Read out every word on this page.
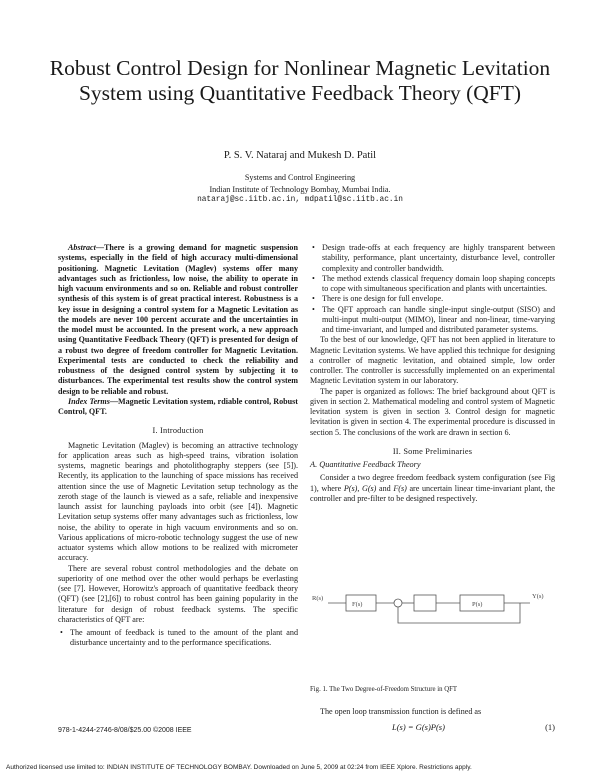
Robust Control Design for Nonlinear Magnetic Levitation System using Quantitative Feedback Theory (QFT)
P. S. V. Nataraj and Mukesh D. Patil
Systems and Control Engineering
Indian Institute of Technology Bombay, Mumbai India.
nataraj@sc.iitb.ac.in, mdpatil@sc.iitb.ac.in

Abstract—There is a growing demand for magnetic suspension systems, especially in the field of high accuracy multi-dimensional positioning. Magnetic Levitation (Maglev) systems offer many advantages such as frictionless, low noise, the ability to operate in high vacuum environments and so on. Reliable and robust controller synthesis of this system is of great practical interest. Robustness is a key issue in designing a control system for a Magnetic Levitation as the models are never 100 percent accurate and the uncertainties in the model must be accounted. In the present work, a new approach using Quantitative Feedback Theory (QFT) is presented for design of a robust two degree of freedom controller for Magnetic Levitation. Experimental tests are conducted to check the reliability and robustness of the designed control system by subjecting it to disturbances. The experimental test results show the control system design to be reliable and robust.

Index Terms—Magnetic Levitation system, rdiable control, Robust Control, QFT.

I. Introduction

Magnetic Levitation (Maglev) is becoming an attractive technology for application areas such as high-speed trains, vibration isolation systems, magnetic bearings and photolithography steppers (see [5]). Recently, its application to the launching of space missions has received attention since the use of Magnetic Levitation setup technology as the zeroth stage of the launch is viewed as a safe, reliable and inexpensive launch assist for launching payloads into orbit (see [4]). Magnetic Levitation setup systems offer many advantages such as frictionless, low noise, the ability to operate in high vacuum environments and so on. Various applications of micro-robotic technology suggest the use of new actuator systems which allow motions to be realized with micrometer accuracy.

There are several robust control methodologies and the debate on superiority of one method over the other would perhaps be everlasting (see [7]. However, Horowitz's approach of quantitative feedback theory (QFT) (see [2],[6]) to robust control has been gaining popularity in the literature for design of robust feedback systems. The specific characteristics of QFT are:

• The amount of feedback is tuned to the amount of the plant and disturbance uncertainty and to the performance specifications.
• Design trade-offs at each frequency are highly transparent between stability, performance, plant uncertainty, disturbance level, controller complexity and controller bandwidth.
• The method extends classical frequency domain loop shaping concepts to cope with simultaneous specification and plants with uncertainties.
• There is one design for full envelope.
• The QFT approach can handle single-input single-output (SISO) and multi-input multi-output (MIMO), linear and non-linear, time-varying and time-invariant, and lumped and distributed parameter systems.

To the best of our knowledge, QFT has not been applied in literature to Magnetic Levitation systems. We have applied this technique for designing a controller of magnetic levitation, and obtained simple, low order controller. The controller is successfully implemented on an experimental Magnetic Levitation system in our laboratory.

The paper is organized as follows: The brief background about QFT is given in section 2. Mathematical modeling and control system of Magnetic levitation system is given in section 3. Control design for magnetic levitation is given in section 4. The experimental procedure is discussed in section 5. The conclusions of the work are drawn in section 6.

II. Some Preliminaries

A. Quantitative Feedback Theory

Consider a two degree freedom feedback system configuration (see Fig 1), where P(s), G(s) and F(s) are uncertain linear time-invariant plant, the controller and pre-filter to be designed respectively.

R(s)
F(s)	P(s)
Y(s)
Fig. 1. The Two Degree-of-Freedom Structure in QFT
The open loop transmission function is defined as
L(s) = G(s)P(s)	(1)
978-1-4244-2746-8/08/$25.00 ©2008 IEEE
Authorized licensed use limited to: INDIAN INSTITUTE OF TECHNOLOGY BOMBAY. Downloaded on June 5, 2009 at 02:24 from IEEE Xplore. Restrictions apply.
